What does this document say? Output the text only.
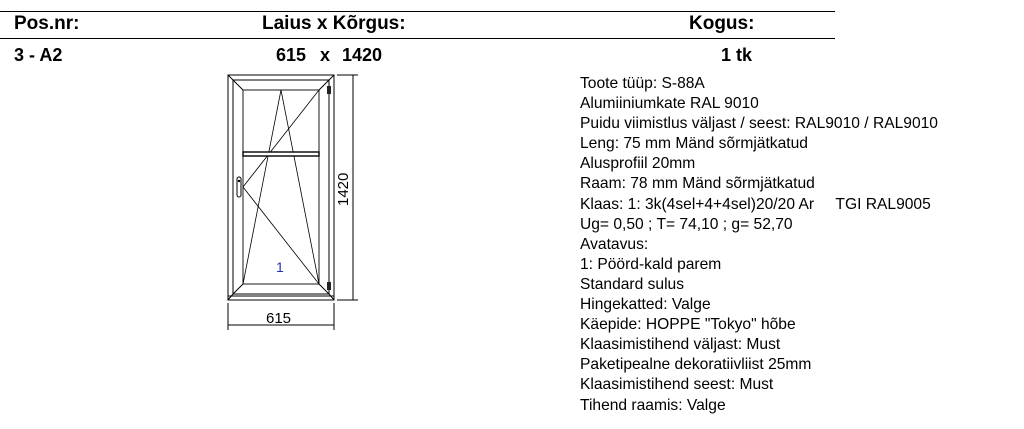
Pos.nr:	Laius x Kõrgus:	Kogus:
3 - A2	615 x 1420	1 tk
1
615
1420
Toote tüüp: S-88A
Alumiiniumkate RAL 9010
Puidu viimistlus väljast / seest: RAL9010 / RAL9010
Leng: 75 mm Mänd sõrmjätkatud
Alusprofiil 20mm
Raam: 78 mm Mänd sõrmjätkatud
Klaas: 1: 3k(4sel+4+4sel)20/20 Ar     TGI RAL9005
Ug= 0,50 ; T= 74,10 ; g= 52,70
Avatavus:
1: Pöörd-kald parem
Standard sulus
Hingekatted: Valge
Käepide: HOPPE "Tokyo" hõbe
Klaasimistihend väljast: Must
Paketipealne dekoratiivliist 25mm
Klaasimistihend seest: Must
Tihend raamis: Valge
